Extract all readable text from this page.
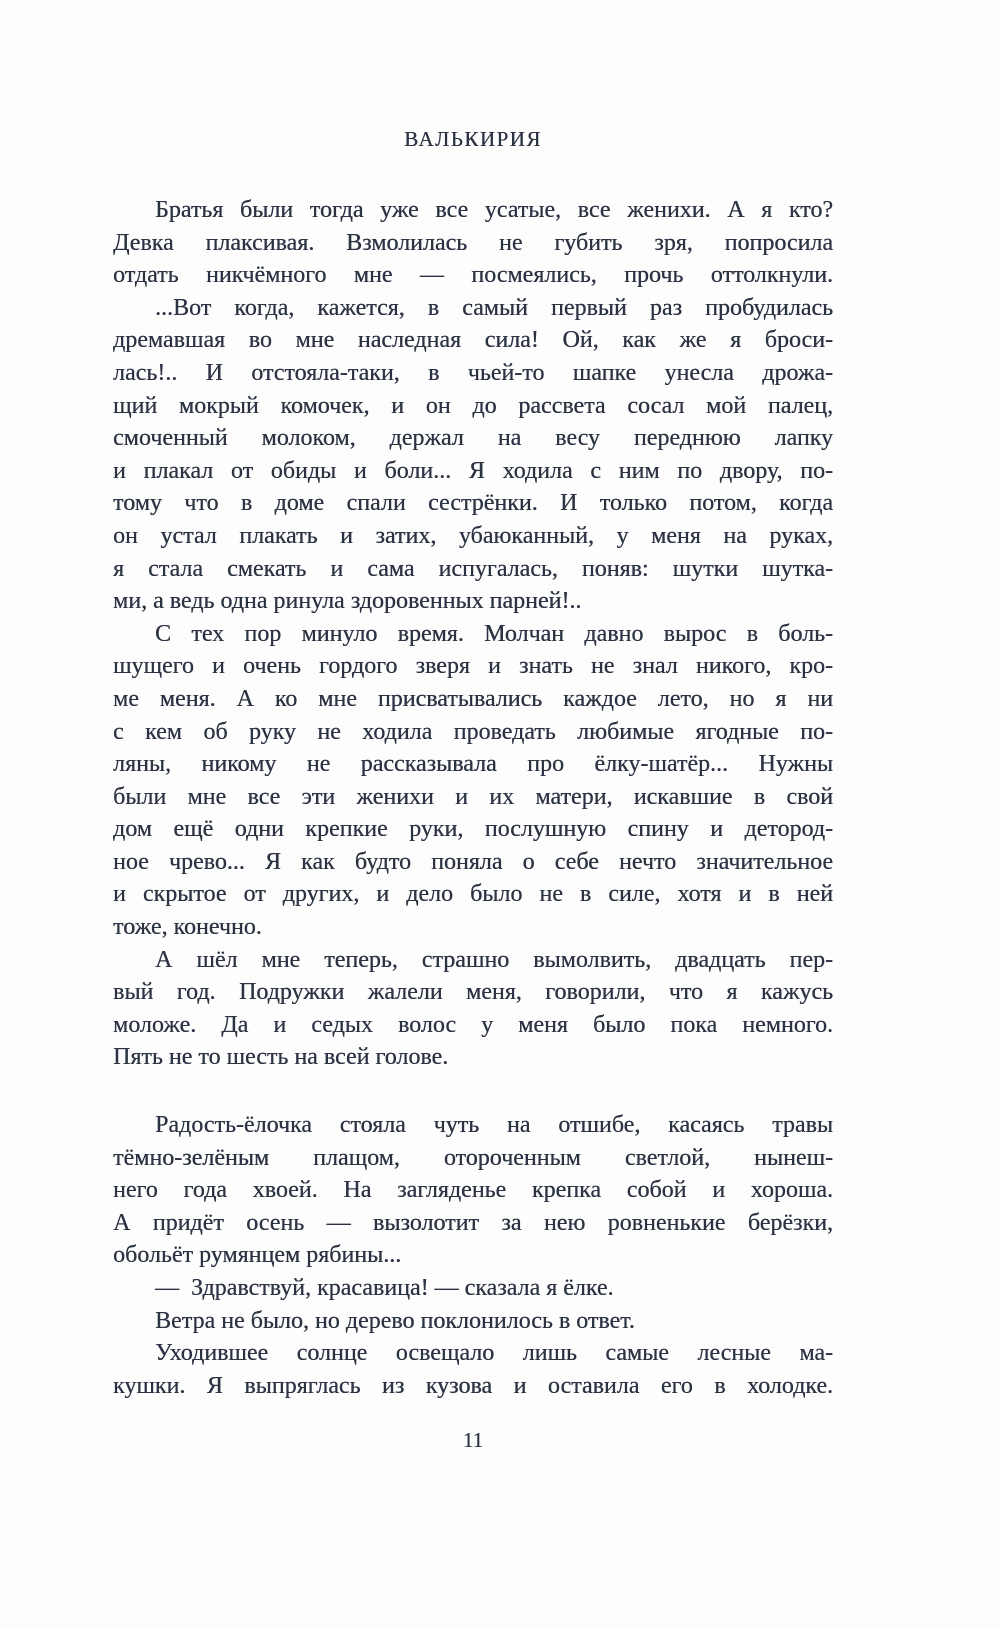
ВАЛЬКИРИЯ
Братья были тогда уже все усатые, все женихи. А я кто?
Девка плаксивая. Взмолилась не губить зря, попросила
отдать никчёмного мне — посмеялись, прочь оттолкнули.
...Вот когда, кажется, в самый первый раз пробудилась
дремавшая во мне наследная сила! Ой, как же я броси-
лась!.. И отстояла-таки, в чьей-то шапке унесла дрожа-
щий мокрый комочек, и он до рассвета сосал мой палец,
смоченный молоком, держал на весу переднюю лапку
и плакал от обиды и боли... Я ходила с ним по двору, по-
тому что в доме спали сестрёнки. И только потом, когда
он устал плакать и затих, убаюканный, у меня на руках,
я стала смекать и сама испугалась, поняв: шутки шутка-
ми, а ведь одна ринула здоровенных парней!..
С тех пор минуло время. Молчан давно вырос в боль-
шущего и очень гордого зверя и знать не знал никого, кро-
ме меня. А ко мне присватывались каждое лето, но я ни
с кем об руку не ходила проведать любимые ягодные по-
ляны, никому не рассказывала про ёлку-шатёр... Нужны
были мне все эти женихи и их матери, искавшие в свой
дом ещё одни крепкие руки, послушную спину и детород-
ное чрево... Я как будто поняла о себе нечто значительное
и скрытое от других, и дело было не в силе, хотя и в ней
тоже, конечно.
А шёл мне теперь, страшно вымолвить, двадцать пер-
вый год. Подружки жалели меня, говорили, что я кажусь
моложе. Да и седых волос у меня было пока немного.
Пять не то шесть на всей голове.
Радость-ёлочка стояла чуть на отшибе, касаясь травы
тёмно-зелёным плащом, отороченным светлой, нынеш-
него года хвоей. На загляденье крепка собой и хороша.
А придёт осень — вызолотит за нею ровненькие берёзки,
обольёт румянцем рябины...
— Здравствуй, красавица! — сказала я ёлке.
Ветра не было, но дерево поклонилось в ответ.
Уходившее солнце освещало лишь самые лесные ма-
кушки. Я выпряглась из кузова и оставила его в холодке.
11
